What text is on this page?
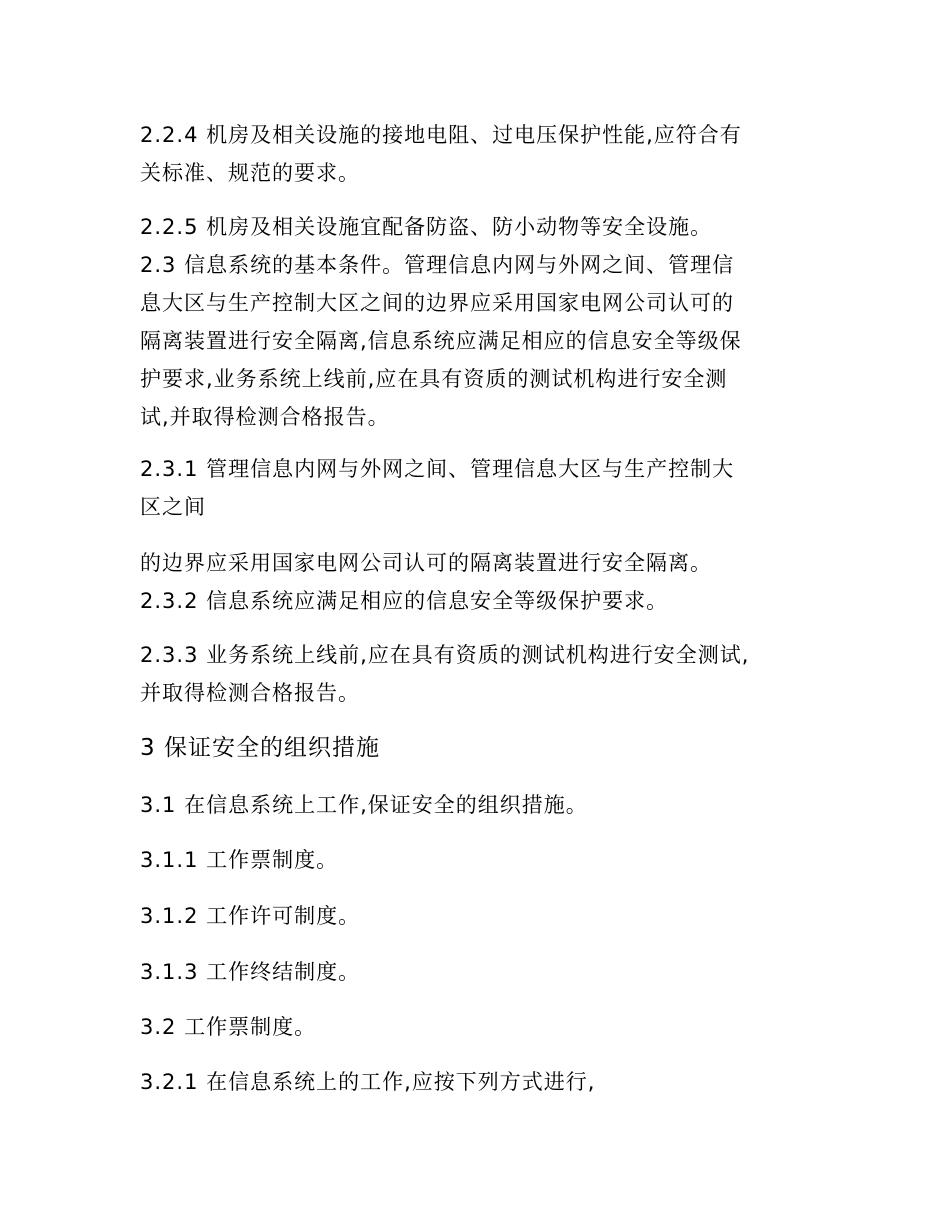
2.2.4 机房及相关设施的接地电阻、过电压保护性能,应符合有
关标准、规范的要求。
2.2.5 机房及相关设施宜配备防盗、防小动物等安全设施。
2.3 信息系统的基本条件。管理信息内网与外网之间、管理信
息大区与生产控制大区之间的边界应采用国家电网公司认可的
隔离装置进行安全隔离,信息系统应满足相应的信息安全等级保
护要求,业务系统上线前,应在具有资质的测试机构进行安全测
试,并取得检测合格报告。
2.3.1 管理信息内网与外网之间、管理信息大区与生产控制大
区之间
的边界应采用国家电网公司认可的隔离装置进行安全隔离。
2.3.2 信息系统应满足相应的信息安全等级保护要求。
2.3.3 业务系统上线前,应在具有资质的测试机构进行安全测试,
并取得检测合格报告。
3 保证安全的组织措施
3.1 在信息系统上工作,保证安全的组织措施。
3.1.1 工作票制度。
3.1.2 工作许可制度。
3.1.3 工作终结制度。
3.2 工作票制度。
3.2.1 在信息系统上的工作,应按下列方式进行,
